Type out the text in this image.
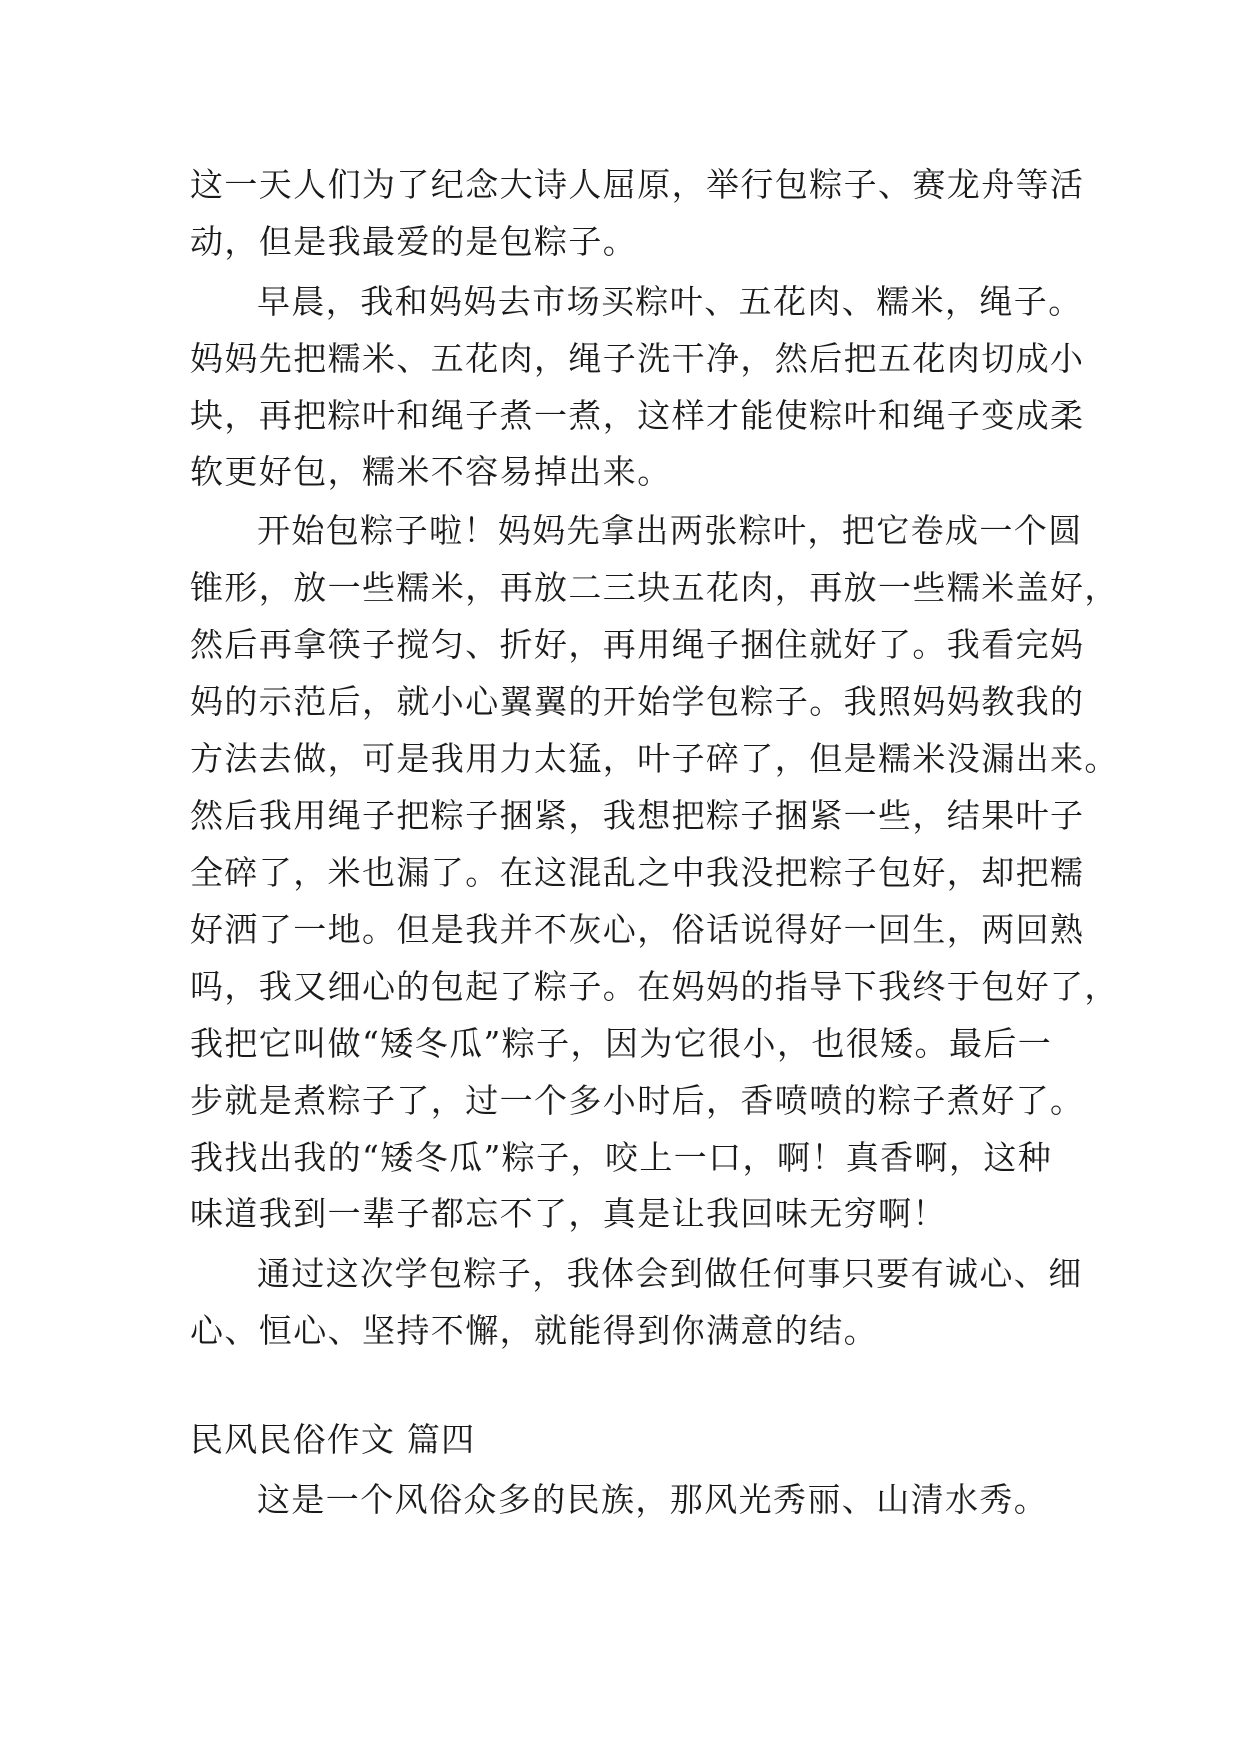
这一天人们为了纪念大诗人屈原，举行包粽子、赛龙舟等活
动，但是我最爱的是包粽子。
早晨，我和妈妈去市场买粽叶、五花肉、糯米，绳子。
妈妈先把糯米、五花肉，绳子洗干净，然后把五花肉切成小
块，再把粽叶和绳子煮一煮，这样才能使粽叶和绳子变成柔
软更好包，糯米不容易掉出来。
开始包粽子啦！妈妈先拿出两张粽叶，把它卷成一个圆
锥形，放一些糯米，再放二三块五花肉，再放一些糯米盖好，
然后再拿筷子搅匀、折好，再用绳子捆住就好了。我看完妈
妈的示范后，就小心翼翼的开始学包粽子。我照妈妈教我的
方法去做，可是我用力太猛，叶子碎了，但是糯米没漏出来。
然后我用绳子把粽子捆紧，我想把粽子捆紧一些，结果叶子
全碎了，米也漏了。在这混乱之中我没把粽子包好，却把糯
好洒了一地。但是我并不灰心，俗话说得好一回生，两回熟
吗，我又细心的包起了粽子。在妈妈的指导下我终于包好了，
我把它叫做“矮冬瓜”粽子，因为它很小，也很矮。最后一
步就是煮粽子了，过一个多小时后，香喷喷的粽子煮好了。
我找出我的“矮冬瓜”粽子，咬上一口，啊！真香啊，这种
味道我到一辈子都忘不了，真是让我回味无穷啊！
通过这次学包粽子，我体会到做任何事只要有诚心、细
心、恒心、坚持不懈，就能得到你满意的结。
民风民俗作文 篇四
这是一个风俗众多的民族，那风光秀丽、山清水秀。
